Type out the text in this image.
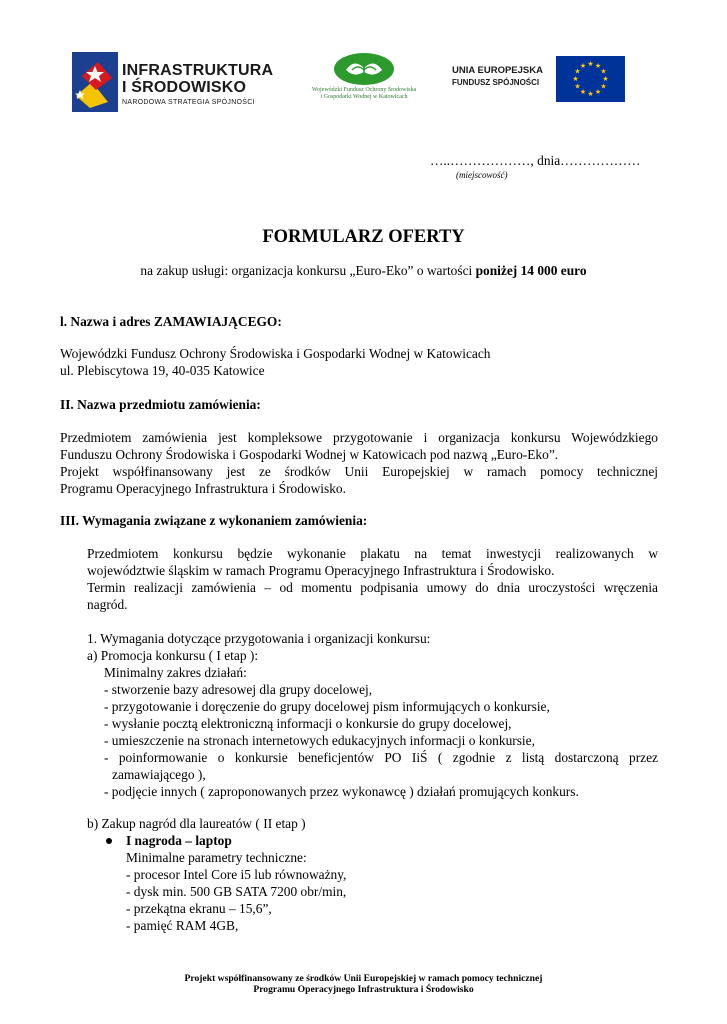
INFRASTRUKTURA
I ŚRODOWISKO
NARODOWA STRATEGIA SPÓJNOŚCI
Wojewódzki Fundusz Ochrony Środowiska
i Gospodarki Wodnej w Katowicach
UNIA EUROPEJSKA
FUNDUSZ SPÓJNOŚCI
★ ★
★
★
★
★
★
★
★
★
★
★
…..………………, dnia………………
(miejscowość)
FORMULARZ OFERTY
na zakup usługi: organizacja konkursu „Euro-Eko” o wartości poniżej 14 000 euro
l. Nazwa i adres ZAMAWIAJĄCEGO:
Wojewódzki Fundusz Ochrony Środowiska i Gospodarki Wodnej w Katowicach
ul. Plebiscytowa 19, 40-035 Katowice
II. Nazwa przedmiotu zamówienia:
Przedmiotem zamówienia jest kompleksowe przygotowanie i organizacja konkursu Wojewódzkiego
Funduszu Ochrony Środowiska i Gospodarki Wodnej w Katowicach pod nazwą „Euro-Eko”.
Projekt współfinansowany jest ze środków Unii Europejskiej w ramach pomocy technicznej
Programu Operacyjnego Infrastruktura i Środowisko.
III. Wymagania związane z wykonaniem zamówienia:
Przedmiotem konkursu będzie wykonanie plakatu na temat inwestycji realizowanych w
województwie śląskim w ramach Programu Operacyjnego Infrastruktura i Środowisko.
Termin realizacji zamówienia – od momentu podpisania umowy do dnia uroczystości wręczenia
nagród.
1. Wymagania dotyczące przygotowania i organizacji konkursu:
a) Promocja konkursu ( I etap ):
Minimalny zakres działań:
- stworzenie bazy adresowej dla grupy docelowej,
- przygotowanie i doręczenie do grupy docelowej pism informujących o konkursie,
- wysłanie pocztą elektroniczną informacji o konkursie do grupy docelowej,
- umieszczenie na stronach internetowych edukacyjnych informacji o konkursie,
- poinformowanie o konkursie beneficjentów PO IiŚ ( zgodnie z listą dostarczoną przez
zamawiającego ),
- podjęcie innych ( zaproponowanych przez wykonawcę ) działań promujących konkurs.
b) Zakup nagród dla laureatów ( II etap )
I nagroda – laptop
Minimalne parametry techniczne:
- procesor Intel Core i5 lub równoważny,
- dysk min. 500 GB SATA 7200 obr/min,
- przekątna ekranu – 15,6”,
- pamięć RAM 4GB,
Projekt współfinansowany ze środków Unii Europejskiej w ramach pomocy technicznej
Programu Operacyjnego Infrastruktura i Środowisko
